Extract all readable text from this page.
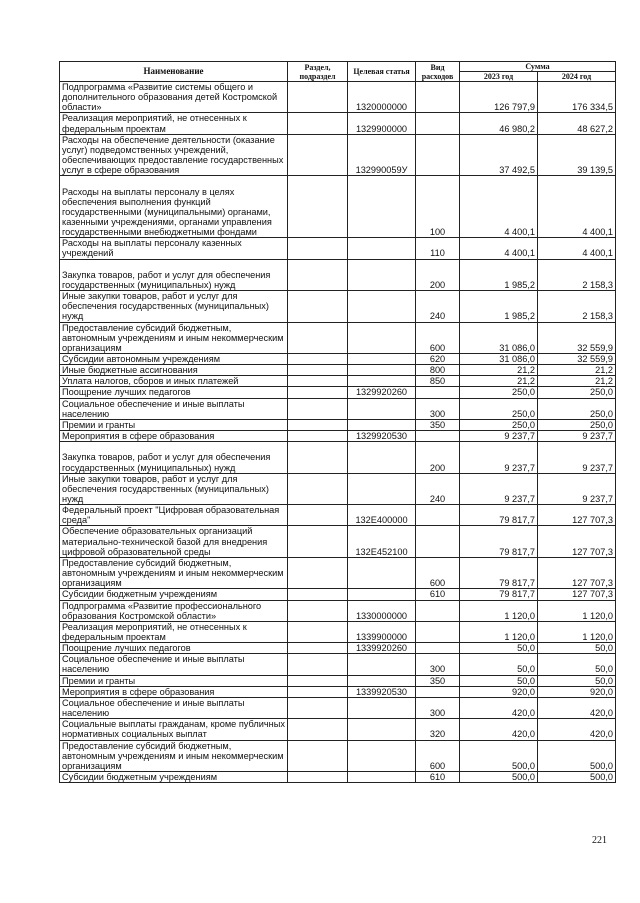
Наименование	Раздел, подраздел	Целевая статья	Вид расходов	Сумма	
				2023 год	2024 год
Подпрограмма «Развитие системы общего и дополнительного образования детей Костромской области»		1320000000		126 797,9	176 334,5
Реализация мероприятий, не отнесенных к федеральным проектам		1329900000		46 980,2	48 627,2
Расходы на обеспечение деятельности (оказание услуг) подведомственных учреждений, обеспечивающих предоставление государственных услуг в сфере образования		132990059У		37 492,5	39 139,5
Расходы на выплаты персоналу в целях обеспечения выполнения функций государственными (муниципальными) органами, казенными учреждениями, органами управления государственными внебюджетными фондами			100	4 400,1	4 400,1
Расходы на выплаты персоналу казенных учреждений			110	4 400,1	4 400,1
Закупка товаров, работ и услуг для обеспечения государственных (муниципальных) нужд			200	1 985,2	2 158,3
Иные закупки товаров, работ и услуг для обеспечения государственных (муниципальных) нужд			240	1 985,2	2 158,3
Предоставление субсидий бюджетным, автономным учреждениям и иным некоммерческим организациям			600	31 086,0	32 559,9
Субсидии автономным учреждениям			620	31 086,0	32 559,9
Иные бюджетные ассигнования			800	21,2	21,2
Уплата налогов, сборов и иных платежей			850	21,2	21,2
Поощрение лучших педагогов		1329920260		250,0	250,0
Социальное обеспечение и иные выплаты населению			300	250,0	250,0
Премии и гранты			350	250,0	250,0
Мероприятия в сфере образования		1329920530		9 237,7	9 237,7
Закупка товаров, работ и услуг для обеспечения государственных (муниципальных) нужд			200	9 237,7	9 237,7
Иные закупки товаров, работ и услуг для обеспечения государственных (муниципальных) нужд			240	9 237,7	9 237,7
Федеральный проект "Цифровая образовательная среда"		132E400000		79 817,7	127 707,3
Обеспечение образовательных организаций материально-технической базой для внедрения цифровой образовательной среды		132E452100		79 817,7	127 707,3
Предоставление субсидий бюджетным, автономным учреждениям и иным некоммерческим организациям			600	79 817,7	127 707,3
Субсидии бюджетным учреждениям			610	79 817,7	127 707,3
Подпрограмма «Развитие профессионального образования Костромской области»		1330000000		1 120,0	1 120,0
Реализация мероприятий, не отнесенных к федеральным проектам		1339900000		1 120,0	1 120,0
Поощрение лучших педагогов		1339920260		50,0	50,0
Социальное обеспечение и иные выплаты населению			300	50,0	50,0
Премии и гранты			350	50,0	50,0
Мероприятия в сфере образования		1339920530		920,0	920,0
Социальное обеспечение и иные выплаты населению			300	420,0	420,0
Социальные выплаты гражданам, кроме публичных нормативных социальных выплат			320	420,0	420,0
Предоставление субсидий бюджетным, автономным учреждениям и иным некоммерческим организациям			600	500,0	500,0
Субсидии бюджетным учреждениям			610	500,0	500,0
221
